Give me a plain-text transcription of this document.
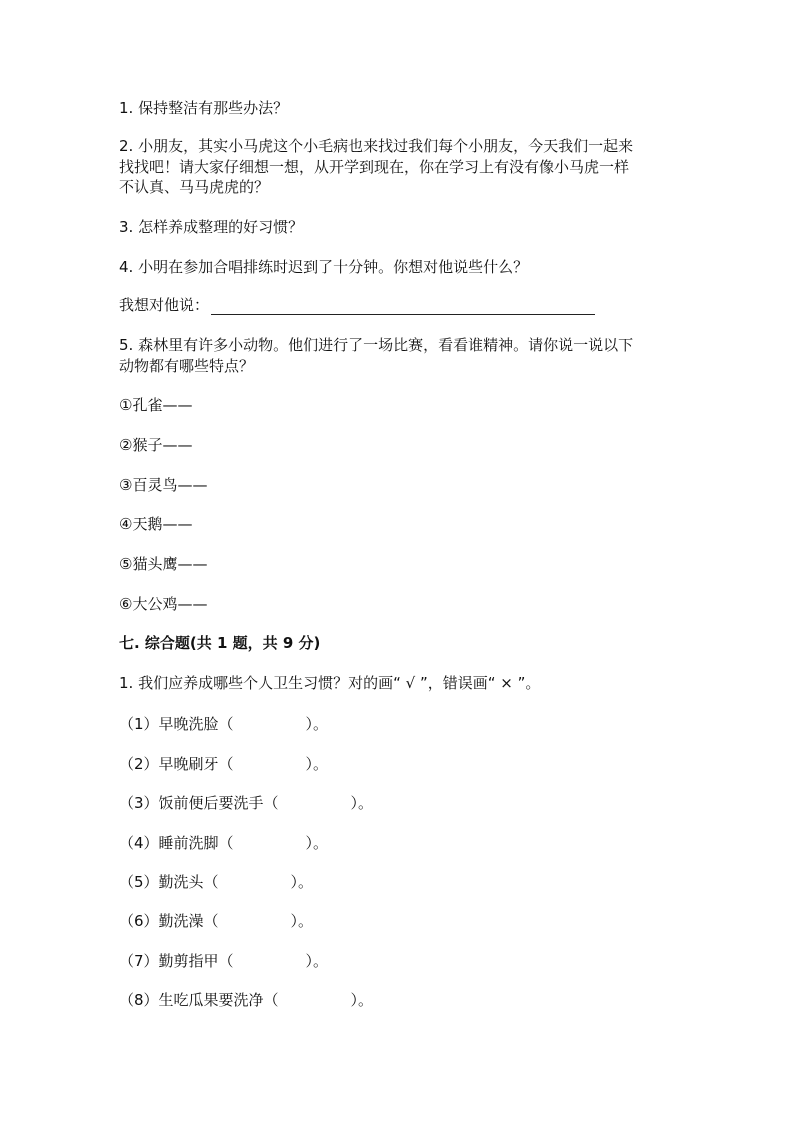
1. 保持整洁有那些办法？
2. 小朋友，其实小马虎这个小毛病也来找过我们每个小朋友，今天我们一起来
找找吧！请大家仔细想一想，从开学到现在，你在学习上有没有像小马虎一样
不认真、马马虎虎的？
3. 怎样养成整理的好习惯？
4. 小明在参加合唱排练时迟到了十分钟。你想对他说些什么？
我想对他说：
5. 森林里有许多小动物。他们进行了一场比赛，看看谁精神。请你说一说以下
动物都有哪些特点？
①孔雀——
②猴子——
③百灵鸟——
④天鹅——
⑤猫头鹰——
⑥大公鸡——
七. 综合题(共 1 题，共 9 分)
1. 我们应养成哪些个人卫生习惯？对的画“ √ ”，错误画“ × ”。
（1）早晚洗脸（	）。
（2）早晚刷牙（	）。
（3）饭前便后要洗手（	）。
（4）睡前洗脚（	）。
（5）勤洗头（	）。
（6）勤洗澡（	）。
（7）勤剪指甲（	）。
（8）生吃瓜果要洗净（	）。
